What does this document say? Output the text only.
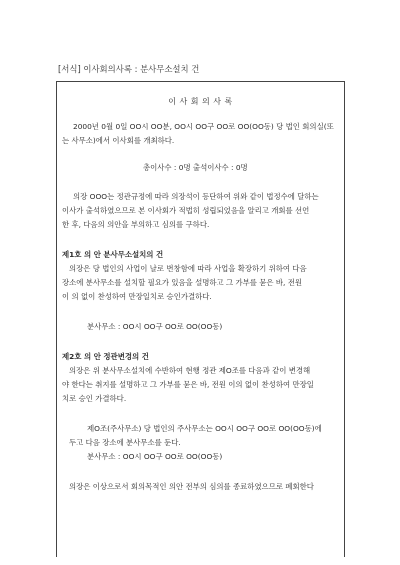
[서식] 이사회의사록 : 분사무소설치 건
이 사 회 의 사 록
2000년 0월 0일 OO시 OO분, OO시 OO구 OO로 OO(OO동) 당 법인 회의실(또
는 사무소)에서 이사회를 개최하다.
총이사수 : 0명 출석이사수 : 0명
의장 OOO는 정관규정에 따라 의장석이 등단하여 위와 같이 법정수에 달하는
이사가 출석하였으므로 본 이사회가 적법히 성립되었음을 알리고 개회를 선언
한 후, 다음의 의안을 부의하고 심의를 구하다.
제1호 의 안 분사무소설치의 건
의장은 당 법인의 사업이 날로 번창함에 따라 사업을 확장하기 위하여 다음
장소에 분사무소를 설치할 필요가 있음을 설명하고 그 가부를 묻은 바, 전원
이 의 없이 찬성하여 만장일치로 승인가결하다.
분사무소 : OO시 OO구 OO로 OO(OO동)
제2호 의 안 정관변경의 건
의장은 위 분사무소설치에 수반하여 현행 정관 제O조를 다음과 같이 변경해
야 한다는 취지를 설명하고 그 가부를 묻은 바, 전원 이의 없이 찬성하여 만장일
치로 승인 가결하다.
제O조(주사무소) 당 법인의 주사무소는 OO시 OO구 OO로 OO(OO동)에
두고 다음 장소에 분사무소를 둔다.
분사무소 : OO시 OO구 OO로 OO(OO동)
의장은 이상으로서 회의목적인 의안 전부의 심의를 종료하였으므로 폐회한다
